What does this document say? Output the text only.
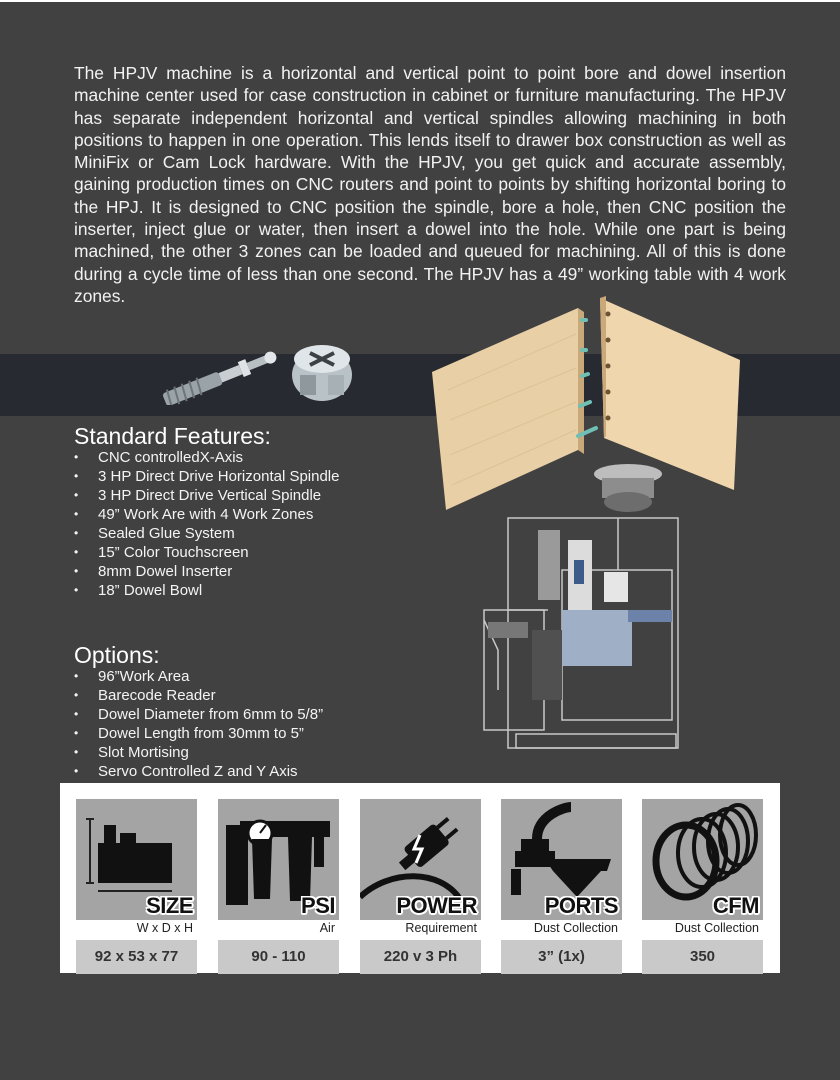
The HPJV machine is a horizontal and vertical point to point bore and dowel insertion machine center used for case construction in cabinet or furniture manufacturing. The HPJV has separate independent horizontal and vertical spindles allowing machining in both positions to happen in one operation. This lends itself to drawer box construction as well as MiniFix or Cam Lock hardware. With the HPJV, you get quick and accurate assembly, gaining production times on CNC routers and point to points by shifting horizontal boring to the HPJ. It is designed to CNC position the spindle, bore a hole, then CNC position the inserter, inject glue or water, then insert a dowel into the hole. While one part is being machined, the other 3 zones can be loaded and queued for machining. All of this is done during a cycle time of less than one second. The HPJV has a 49” working table with 4 work zones.

Standard Features:
• CNC controlledX-Axis
• 3 HP Direct Drive Horizontal Spindle
• 3 HP Direct Drive Vertical Spindle
• 49” Work Are with 4 Work Zones
• Sealed Glue System
• 15” Color Touchscreen
• 8mm Dowel Inserter
• 18” Dowel Bowl
Options:
• 96”Work Area
• Barecode Reader
• Dowel Diameter from 6mm to 5/8”
• Dowel Length from 30mm to 5”
• Slot Mortising
• Servo Controlled Z and Y Axis
SIZE
W x D x H
92 x 53 x 77
PSI
Air
90 - 110
POWER
Requirement
220 v 3 Ph
PORTS
Dust Collection
3” (1x)
CFM
Dust Collection
350
